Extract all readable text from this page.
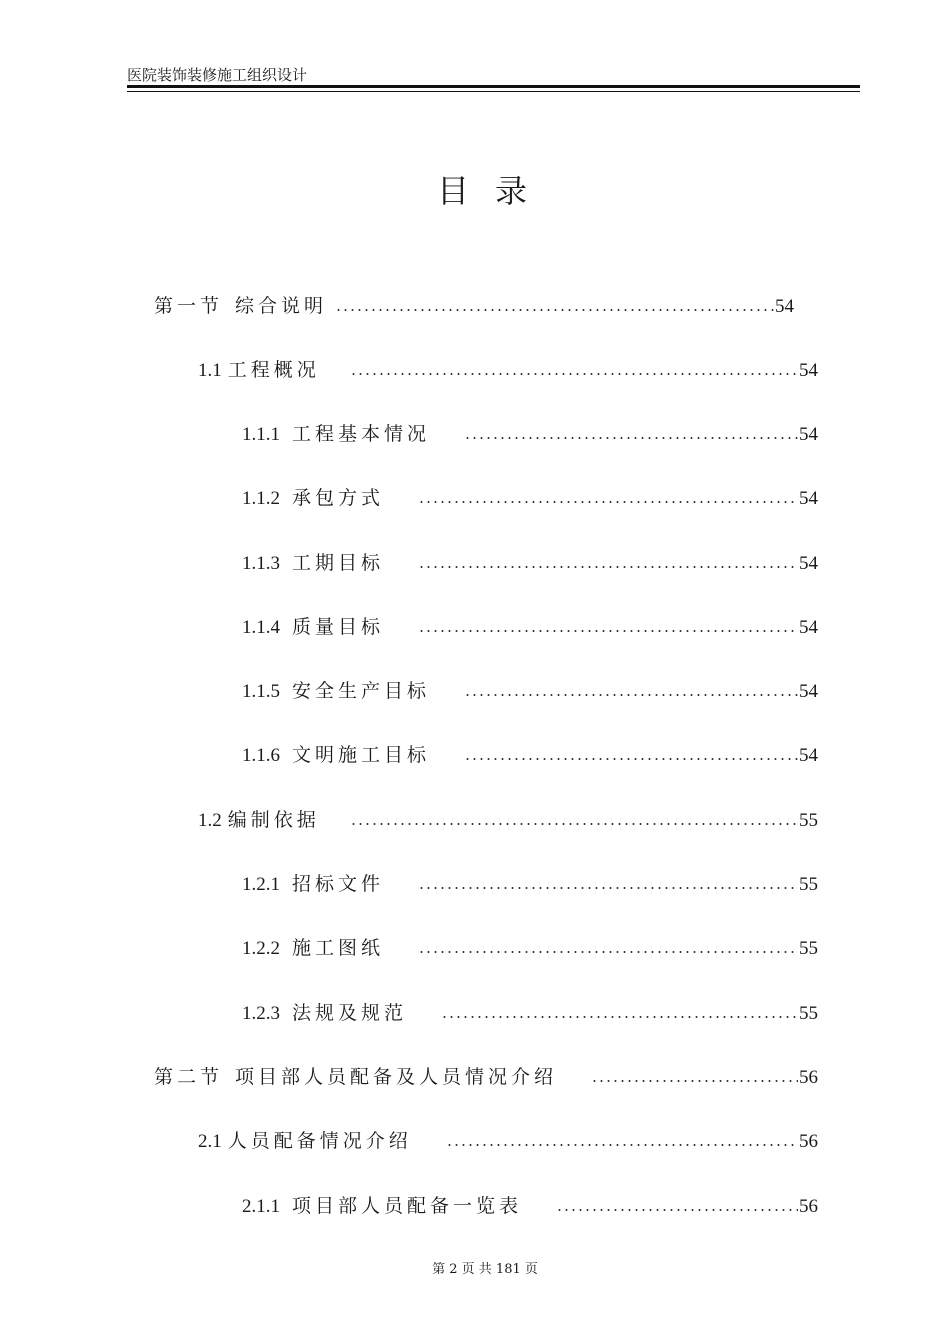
医院装饰装修施工组织设计
目录
第一节 综合说明	54
1.1 工程概况	54
1.1.1 工程基本情况	54
1.1.2 承包方式	54
1.1.3 工期目标	54
1.1.4 质量目标	54
1.1.5 安全生产目标	54
1.1.6 文明施工目标	54
1.2 编制依据	55
1.2.1 招标文件	55
1.2.2 施工图纸	55
1.2.3 法规及规范	55
第二节 项目部人员配备及人员情况介绍	56
2.1 人员配备情况介绍	56
2.1.1 项目部人员配备一览表	56
第 2 页 共 181 页
